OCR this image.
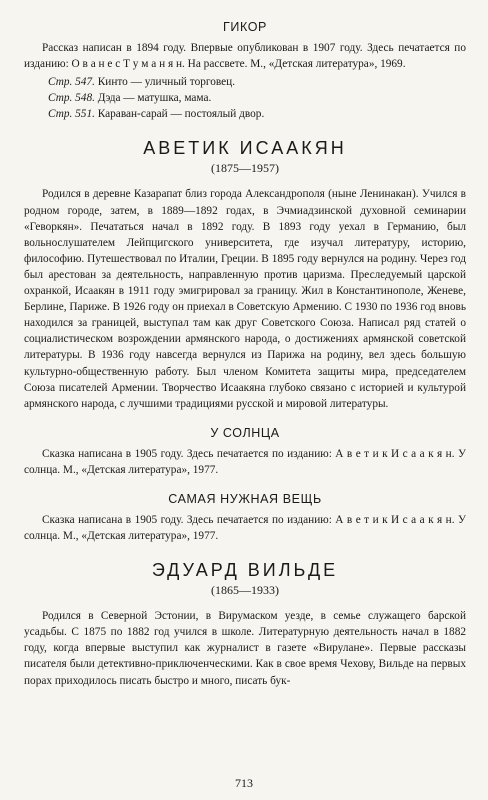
ГИКОР

Рассказ написан в 1894 году. Впервые опубликован в 1907 году. Здесь печатается по изданию: О в а н е с Т у м а н я н. На рассвете. М., «Детская литература», 1969.

Стр. 547. Кинто — уличный торговец.
Стр. 548. Дэда — матушка, мама.
Стр. 551. Караван-сарай — постоялый двор.
АВЕТИК ИСААКЯН
(1875—1957)

Родился в деревне Казарапат близ города Александрополя (ныне Ленинакан). Учился в родном городе, затем, в 1889—1892 годах, в Эчмиадзинской духовной семинарии «Геворкян». Печататься начал в 1892 году. В 1893 году уехал в Германию, был вольнослушателем Лейпцигского университета, где изучал литературу, историю, философию. Путешествовал по Италии, Греции. В 1895 году вернулся на родину. Через год был арестован за деятельность, направленную против царизма. Преследуемый царской охранкой, Исаакян в 1911 году эмигрировал за границу. Жил в Константинополе, Женеве, Берлине, Париже. В 1926 году он приехал в Советскую Армению. С 1930 по 1936 год вновь находился за границей, выступал там как друг Советского Союза. Написал ряд статей о социалистическом возрождении армянского народа, о достижениях армянской советской литературы. В 1936 году навсегда вернулся из Парижа на родину, вел здесь большую культурно-общественную работу. Был членом Комитета защиты мира, председателем Союза писателей Армении. Творчество Исаакяна глубоко связано с историей и культурой армянского народа, с лучшими традициями русской и мировой литературы.

У СОЛНЦА

Сказка написана в 1905 году. Здесь печатается по изданию: А в е т и к И с а а к я н. У солнца. М., «Детская литература», 1977.

САМАЯ НУЖНАЯ ВЕЩЬ

Сказка написана в 1905 году. Здесь печатается по изданию: А в е т и к И с а а к я н. У солнца. М., «Детская литература», 1977.

ЭДУАРД ВИЛЬДЕ
(1865—1933)

Родился в Северной Эстонии, в Вирумаском уезде, в семье служащего барской усадьбы. С 1875 по 1882 год учился в школе. Литературную деятельность начал в 1882 году, когда впервые выступил как журналист в газете «Вирулане». Первые рассказы писателя были детективно-приключенческими. Как в свое время Чехову, Вильде на первых порах приходилось писать быстро и много, писать бук-

713
